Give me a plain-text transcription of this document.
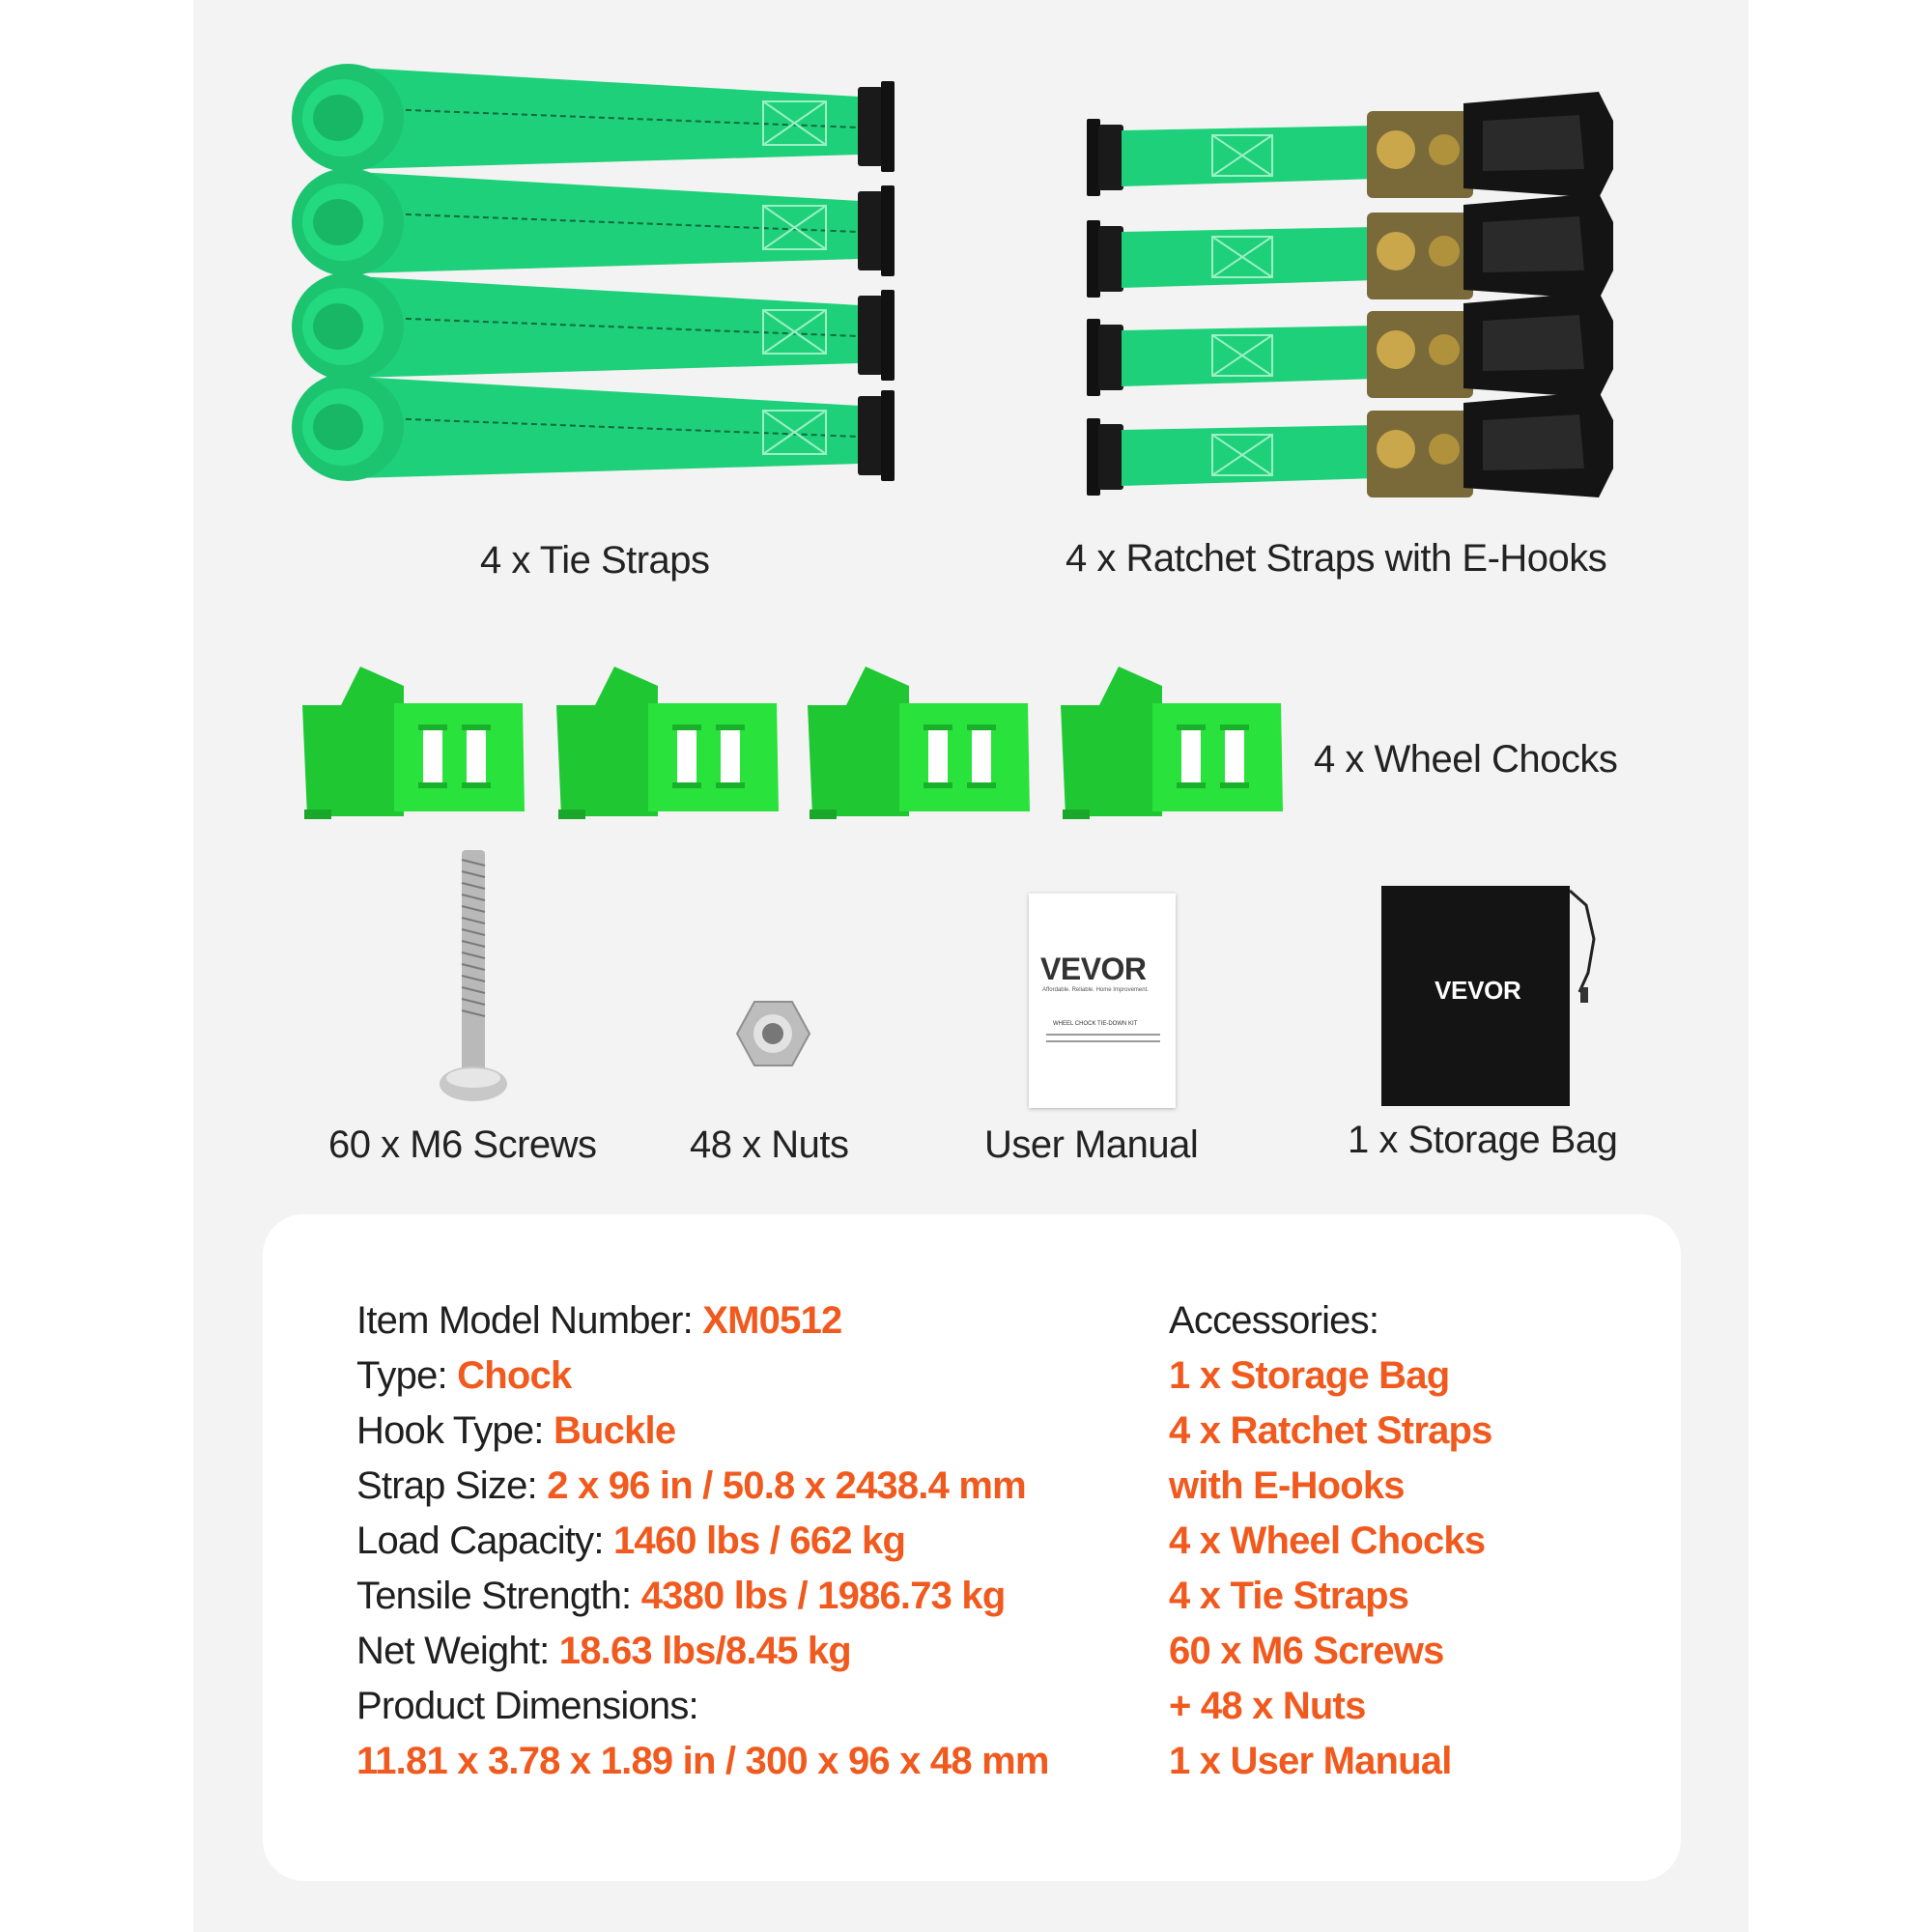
4 x Tie Straps	4 x Ratchet Straps with E-Hooks
4 x Wheel Chocks
60 x M6 Screws 48 x Nuts
VEVOR
Affordable. Reliable. Home Improvement.
WHEEL CHOCK TIE-DOWN KIT
User Manual
VEVOR
1 x Storage Bag
Item Model Number: XM0512
Type: Chock
Hook Type: Buckle
Strap Size: 2 x 96 in / 50.8 x 2438.4 mm
Load Capacity: 1460 lbs / 662 kg
Tensile Strength: 4380 lbs / 1986.73 kg
Net Weight: 18.63 lbs/8.45 kg
Product Dimensions:
11.81 x 3.78 x 1.89 in / 300 x 96 x 48 mm
Accessories:
1 x Storage Bag
4 x Ratchet Straps
with E-Hooks
4 x Wheel Chocks
4 x Tie Straps
60 x M6 Screws
+ 48 x Nuts
1 x User Manual
